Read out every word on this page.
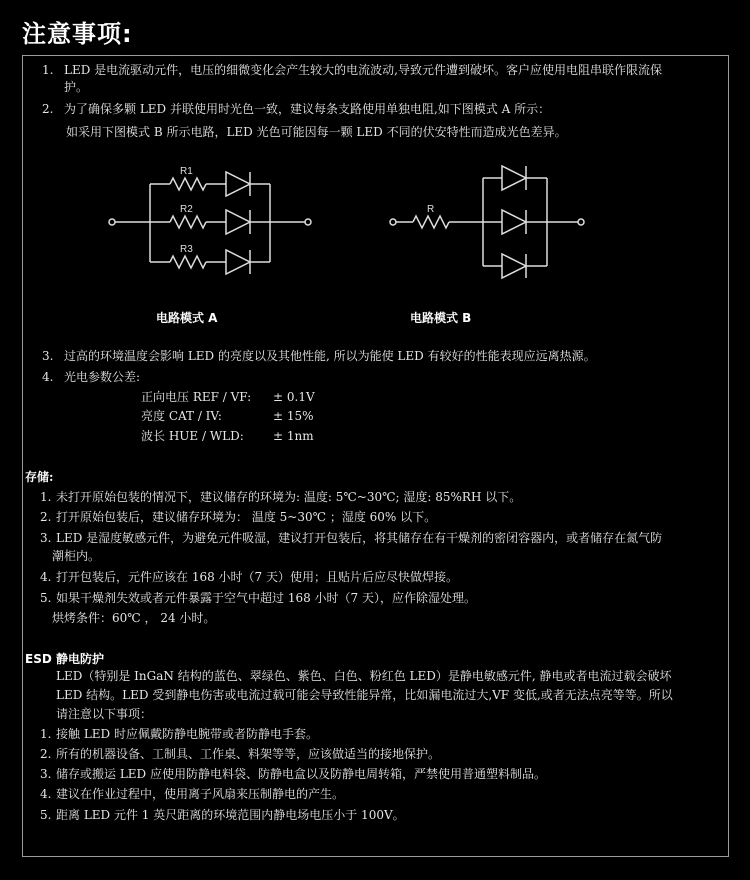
注意事项:
1. LED 是电流驱动元件，电压的细微变化会产生较大的电流波动,导致元件遭到破坏。客户应使用电阻串联作限流保
护。
2. 为了确保多颗 LED 并联使用时光色一致，建议每条支路使用单独电阻,如下图模式 A 所示：
如采用下图模式 B 所示电路，LED 光色可能因每一颗 LED 不同的伏安特性而造成光色差异。
R1
R2
R3
R
电路模式 A	电路模式 B
3. 过高的环境温度会影响 LED 的亮度以及其他性能, 所以为能使 LED 有较好的性能表现应远离热源。
4. 光电参数公差:
正向电压 REF / VF: ± 0.1V
亮度 CAT / IV:	± 15%
波长 HUE / WLD: ± 1nm
存储:
1. 未打开原始包装的情况下，建议储存的环境为: 温度: 5℃~30℃; 湿度: 85%RH 以下。
2. 打开原始包装后，建议储存环境为： 温度 5~30℃ ；湿度 60% 以下。
3. LED 是湿度敏感元件，为避免元件吸湿，建议打开包装后，将其储存在有干燥剂的密闭容器内，或者储存在氮气防
潮柜内。
4. 打开包装后，元件应该在 168 小时（7 天）使用；且贴片后应尽快做焊接。
5. 如果干燥剂失效或者元件暴露于空气中超过 168 小时（7 天），应作除湿处理。
烘烤条件：60℃ ， 24 小时。
ESD 静电防护
LED（特别是 InGaN 结构的蓝色、翠绿色、紫色、白色、粉红色 LED）是静电敏感元件, 静电或者电流过载会破坏
LED 结构。LED 受到静电伤害或电流过载可能会导致性能异常，比如漏电流过大,VF 变低,或者无法点亮等等。所以
请注意以下事项：
1. 接触 LED 时应佩戴防静电腕带或者防静电手套。
2. 所有的机器设备、工制具、工作桌、料架等等，应该做适当的接地保护。
3. 储存或搬运 LED 应使用防静电料袋、防静电盒以及防静电周转箱，严禁使用普通塑料制品。
4. 建议在作业过程中，使用离子风扇来压制静电的产生。
5. 距离 LED 元件 1 英尺距离的环境范围内静电场电压小于 100V。
